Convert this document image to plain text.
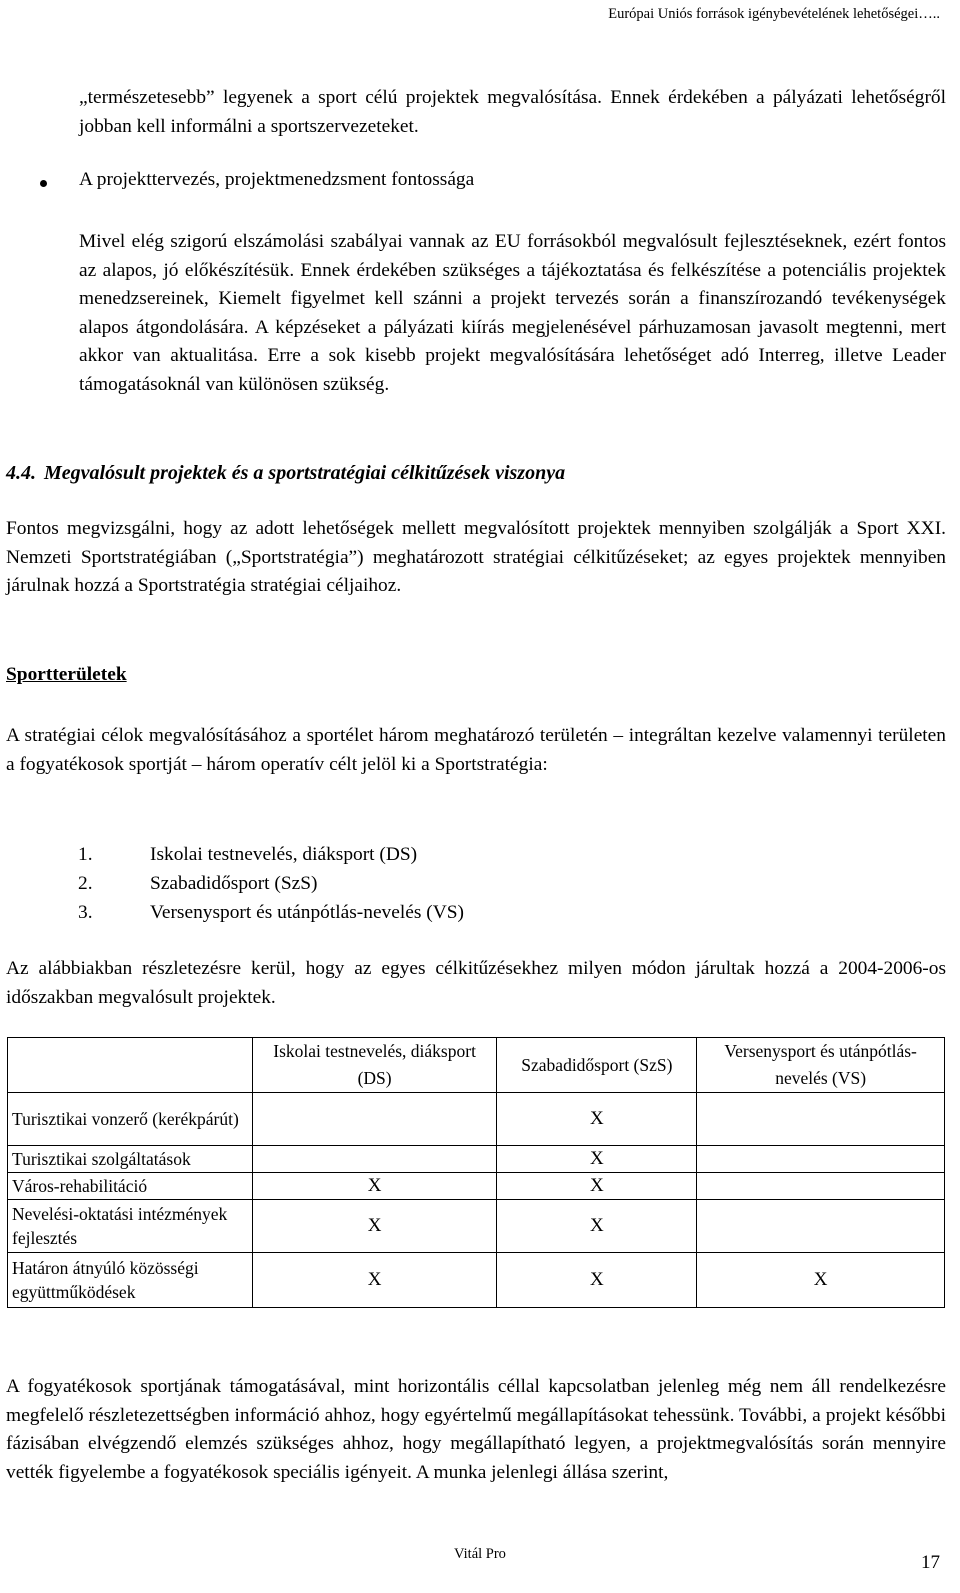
Európai Uniós források igénybevételének lehetőségei…..

„természetesebb” legyenek a sport célú projektek megvalósítása. Ennek érdekében a pályázati lehetőségről jobban kell informálni a sportszervezeteket.

A projekttervezés, projektmenedzsment fontossága

Mivel elég szigorú elszámolási szabályai vannak az EU forrásokból megvalósult fejlesztéseknek, ezért fontos az alapos, jó előkészítésük. Ennek érdekében szükséges a tájékoztatása és felkészítése a potenciális projektek menedzsereinek, Kiemelt figyelmet kell szánni a projekt tervezés során a finanszírozandó tevékenységek alapos átgondolására. A képzéseket a pályázati kiírás megjelenésével párhuzamosan javasolt megtenni, mert akkor van aktualitása. Erre a sok kisebb projekt megvalósítására lehetőséget adó Interreg, illetve Leader támogatásoknál van különösen szükség.

4.4. Megvalósult projektek és a sportstratégiai célkitűzések viszonya

Fontos megvizsgálni, hogy az adott lehetőségek mellett megvalósított projektek mennyiben szolgálják a Sport XXI. Nemzeti Sportstratégiában („Sportstratégia”) meghatározott stratégiai célkitűzéseket; az egyes projektek mennyiben járulnak hozzá a Sportstratégia stratégiai céljaihoz.

Sportterületek

A stratégiai célok megvalósításához a sportélet három meghatározó területén – integráltan kezelve valamennyi területen a fogyatékosok sportját – három operatív célt jelöl ki a Sportstratégia:

1.	Iskolai testnevelés, diáksport (DS)
2.	Szabadidősport (SzS)
3.	Versenysport és utánpótlás-nevelés (VS)

Az alábbiakban részletezésre kerül, hogy az egyes célkitűzésekhez milyen módon járultak hozzá a 2004-2006-os időszakban megvalósult projektek.

	Iskolai testnevelés, diáksport (DS)	Szabadidősport (SzS)	Versenysport és utánpótlás-nevelés (VS)
Turisztikai vonzerő (kerékpárút)		X	
Turisztikai szolgáltatások		X	
Város-rehabilitáció	X	X	
Nevelési-oktatási intézmények fejlesztés	X	X	
Határon átnyúló közösségi együttműködések	X	X	X

A fogyatékosok sportjának támogatásával, mint horizontális céllal kapcsolatban jelenleg még nem áll rendelkezésre megfelelő részletezettségben információ ahhoz, hogy egyértelmű megállapításokat tehessünk. További, a projekt későbbi fázisában elvégzendő elemzés szükséges ahhoz, hogy megállapítható legyen, a projektmegvalósítás során mennyire vették figyelembe a fogyatékosok speciális igényeit. A munka jelenlegi állása szerint,

Vitál Pro	17
